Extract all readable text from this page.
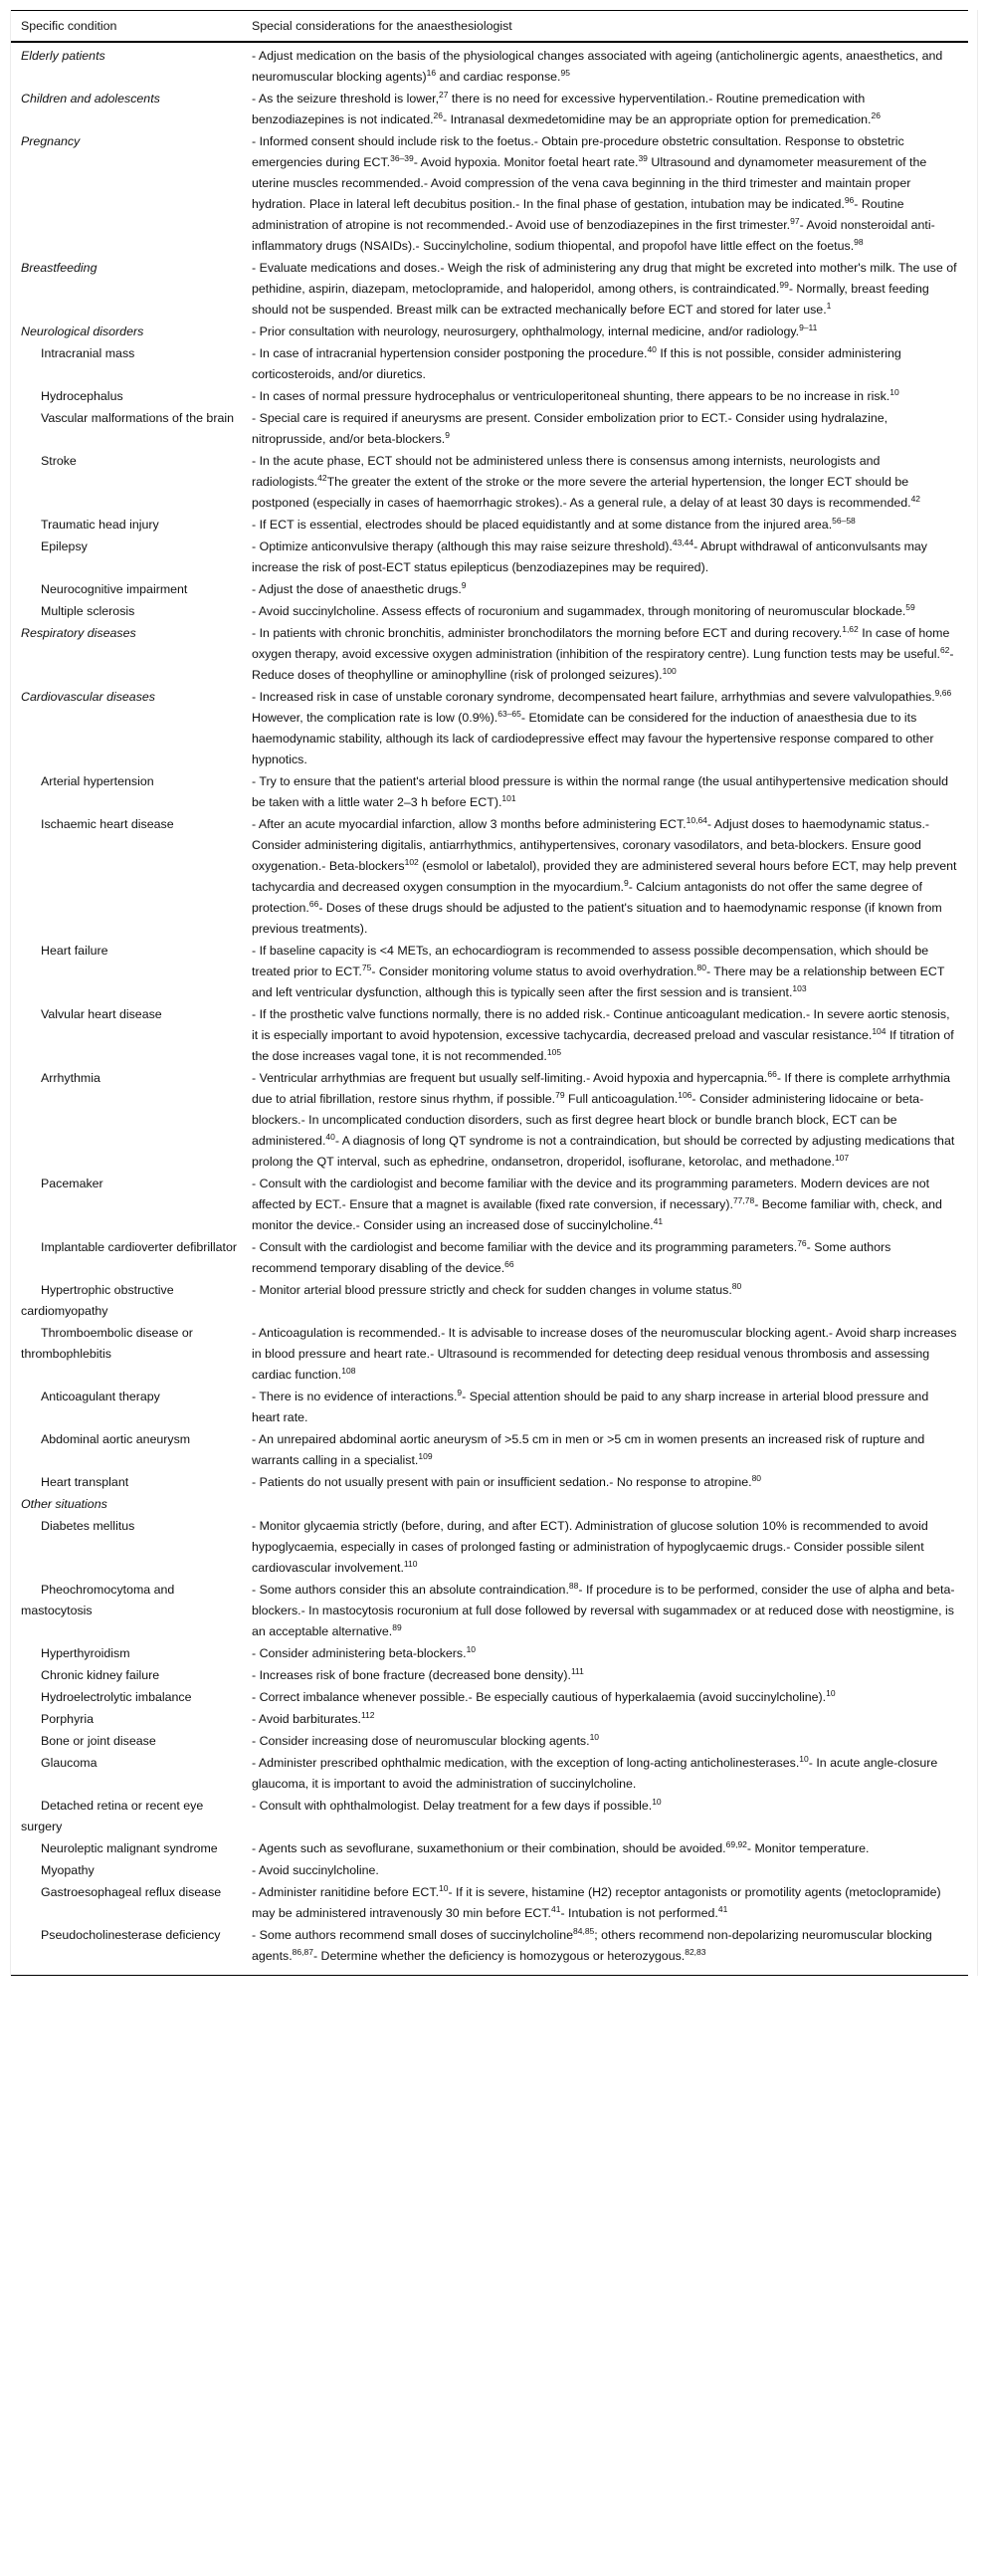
Specific condition	Special considerations for the anaesthesiologist
Elderly patients	- Adjust medication on the basis of the physiological changes associated with ageing (anticholinergic agents, anaesthetics, and neuromuscular blocking agents)$^{16}$ and cardiac response.$^{95}$
Children and adolescents	- As the seizure threshold is lower,$^{27}$ there is no need for excessive hyperventilation.- Routine premedication with benzodiazepines is not indicated.$^{26}$- Intranasal dexmedetomidine may be an appropriate option for premedication.$^{26}$
Pregnancy	- Informed consent should include risk to the foetus.- Obtain pre-procedure obstetric consultation. Response to obstetric emergencies during ECT.$^{36-39}$- Avoid hypoxia. Monitor foetal heart rate.$^{39}$ Ultrasound and dynamometer measurement of the uterine muscles recommended.- Avoid compression of the vena cava beginning in the third trimester and maintain proper hydration. Place in lateral left decubitus position.- In the final phase of gestation, intubation may be indicated.$^{96}$- Routine administration of atropine is not recommended.- Avoid use of benzodiazepines in the first trimester.$^{97}$- Avoid nonsteroidal anti-inflammatory drugs (NSAIDs).- Succinylcholine, sodium thiopental, and propofol have little effect on the foetus.$^{98}$
Breastfeeding	- Evaluate medications and doses.- Weigh the risk of administering any drug that might be excreted into mother's milk. The use of pethidine, aspirin, diazepam, metoclopramide, and haloperidol, among others, is contraindicated.$^{99}$- Normally, breast feeding should not be suspended. Breast milk can be extracted mechanically before ECT and stored for later use.$^1$
Neurological disorders	- Prior consultation with neurology, neurosurgery, ophthalmology, internal medicine, and/or radiology.$^{9-11}$
Intracranial mass	- In case of intracranial hypertension consider postponing the procedure.$^{40}$ If this is not possible, consider administering corticosteroids, and/or diuretics.
Hydrocephalus	- In cases of normal pressure hydrocephalus or ventriculoperitoneal shunting, there appears to be no increase in risk.$^{10}$
Vascular malformations of the brain	- Special care is required if aneurysms are present. Consider embolization prior to ECT.- Consider using hydralazine, nitroprusside, and/or beta-blockers.$^9$
Stroke	- In the acute phase, ECT should not be administered unless there is consensus among internists, neurologists and radiologists.$^{42}$The greater the extent of the stroke or the more severe the arterial hypertension, the longer ECT should be postponed (especially in cases of haemorrhagic strokes).- As a general rule, a delay of at least 30 days is recommended.$^{42}$
Traumatic head injury	- If ECT is essential, electrodes should be placed equidistantly and at some distance from the injured area.$^{56-58}$
Epilepsy	- Optimize anticonvulsive therapy (although this may raise seizure threshold).$^{43,44}$- Abrupt withdrawal of anticonvulsants may increase the risk of post-ECT status epilepticus (benzodiazepines may be required).
Neurocognitive impairment	- Adjust the dose of anaesthetic drugs.$^9$
Multiple sclerosis	- Avoid succinylcholine. Assess effects of rocuronium and sugammadex, through monitoring of neuromuscular blockade.$^{59}$
Respiratory diseases	- In patients with chronic bronchitis, administer bronchodilators the morning before ECT and during recovery.$^{1,62}$ In case of home oxygen therapy, avoid excessive oxygen administration (inhibition of the respiratory centre). Lung function tests may be useful.$^{62}$- Reduce doses of theophylline or aminophylline (risk of prolonged seizures).$^{100}$
Cardiovascular diseases	- Increased risk in case of unstable coronary syndrome, decompensated heart failure, arrhythmias and severe valvulopathies.$^{9,66}$ However, the complication rate is low (0.9%).$^{63-65}$- Etomidate can be considered for the induction of anaesthesia due to its haemodynamic stability, although its lack of cardiodepressive effect may favour the hypertensive response compared to other hypnotics.
Arterial hypertension	- Try to ensure that the patient's arterial blood pressure is within the normal range (the usual antihypertensive medication should be taken with a little water 2–3 h before ECT).$^{101}$
Ischaemic heart disease	- After an acute myocardial infarction, allow 3 months before administering ECT.$^{10,64}$- Adjust doses to haemodynamic status.- Consider administering digitalis, antiarrhythmics, antihypertensives, coronary vasodilators, and beta-blockers. Ensure good oxygenation.- Beta-blockers$^{102}$ (esmolol or labetalol), provided they are administered several hours before ECT, may help prevent tachycardia and decreased oxygen consumption in the myocardium.$^9$- Calcium antagonists do not offer the same degree of protection.$^{66}$- Doses of these drugs should be adjusted to the patient's situation and to haemodynamic response (if known from previous treatments).
Heart failure	- If baseline capacity is <4 METs, an echocardiogram is recommended to assess possible decompensation, which should be treated prior to ECT.$^{75}$- Consider monitoring volume status to avoid overhydration.$^{80}$- There may be a relationship between ECT and left ventricular dysfunction, although this is typically seen after the first session and is transient.$^{103}$
Valvular heart disease	- If the prosthetic valve functions normally, there is no added risk.- Continue anticoagulant medication.- In severe aortic stenosis, it is especially important to avoid hypotension, excessive tachycardia, decreased preload and vascular resistance.$^{104}$ If titration of the dose increases vagal tone, it is not recommended.$^{105}$
Arrhythmia	- Ventricular arrhythmias are frequent but usually self-limiting.- Avoid hypoxia and hypercapnia.$^{66}$- If there is complete arrhythmia due to atrial fibrillation, restore sinus rhythm, if possible.$^{79}$ Full anticoagulation.$^{106}$- Consider administering lidocaine or beta-blockers.- In uncomplicated conduction disorders, such as first degree heart block or bundle branch block, ECT can be administered.$^{40}$- A diagnosis of long QT syndrome is not a contraindication, but should be corrected by adjusting medications that prolong the QT interval, such as ephedrine, ondansetron, droperidol, isoflurane, ketorolac, and methadone.$^{107}$
Pacemaker	- Consult with the cardiologist and become familiar with the device and its programming parameters. Modern devices are not affected by ECT.- Ensure that a magnet is available (fixed rate conversion, if necessary).$^{77,78}$- Become familiar with, check, and monitor the device.- Consider using an increased dose of succinylcholine.$^{41}$
Implantable cardioverter defibrillator	- Consult with the cardiologist and become familiar with the device and its programming parameters.$^{76}$- Some authors recommend temporary disabling of the device.$^{66}$
Hypertrophic obstructive cardiomyopathy	- Monitor arterial blood pressure strictly and check for sudden changes in volume status.$^{80}$
Thromboembolic disease or thrombophlebitis	- Anticoagulation is recommended.- It is advisable to increase doses of the neuromuscular blocking agent.- Avoid sharp increases in blood pressure and heart rate.- Ultrasound is recommended for detecting deep residual venous thrombosis and assessing cardiac function.$^{108}$
Anticoagulant therapy	- There is no evidence of interactions.$^9$- Special attention should be paid to any sharp increase in arterial blood pressure and heart rate.
Abdominal aortic aneurysm	- An unrepaired abdominal aortic aneurysm of >5.5 cm in men or >5 cm in women presents an increased risk of rupture and warrants calling in a specialist.$^{109}$
Heart transplant	- Patients do not usually present with pain or insufficient sedation.- No response to atropine.$^{80}$
Other situations	
Diabetes mellitus	- Monitor glycaemia strictly (before, during, and after ECT). Administration of glucose solution 10% is recommended to avoid hypoglycaemia, especially in cases of prolonged fasting or administration of hypoglycaemic drugs.- Consider possible silent cardiovascular involvement.$^{110}$
Pheochromocytoma and mastocytosis	- Some authors consider this an absolute contraindication.$^{88}$- If procedure is to be performed, consider the use of alpha and beta-blockers.- In mastocytosis rocuronium at full dose followed by reversal with sugammadex or at reduced dose with neostigmine, is an acceptable alternative.$^{89}$
Hyperthyroidism	- Consider administering beta-blockers.$^{10}$
Chronic kidney failure	- Increases risk of bone fracture (decreased bone density).$^{111}$
Hydroelectrolytic imbalance	- Correct imbalance whenever possible.- Be especially cautious of hyperkalaemia (avoid succinylcholine).$^{10}$
Porphyria	- Avoid barbiturates.$^{112}$
Bone or joint disease	- Consider increasing dose of neuromuscular blocking agents.$^{10}$
Glaucoma	- Administer prescribed ophthalmic medication, with the exception of long-acting anticholinesterases.$^{10}$- In acute angle-closure glaucoma, it is important to avoid the administration of succinylcholine.
Detached retina or recent eye surgery	- Consult with ophthalmologist. Delay treatment for a few days if possible.$^{10}$
Neuroleptic malignant syndrome	- Agents such as sevoflurane, suxamethonium or their combination, should be avoided.$^{69,92}$- Monitor temperature.
Myopathy	- Avoid succinylcholine.
Gastroesophageal reflux disease	- Administer ranitidine before ECT.$^{10}$- If it is severe, histamine (H2) receptor antagonists or promotility agents (metoclopramide) may be administered intravenously 30 min before ECT.$^{41}$- Intubation is not performed.$^{41}$
Pseudocholinesterase deficiency	- Some authors recommend small doses of succinylcholine$^{84,85}$; others recommend non-depolarizing neuromuscular blocking agents.$^{86,87}$- Determine whether the deficiency is homozygous or heterozygous.$^{82,83}$
